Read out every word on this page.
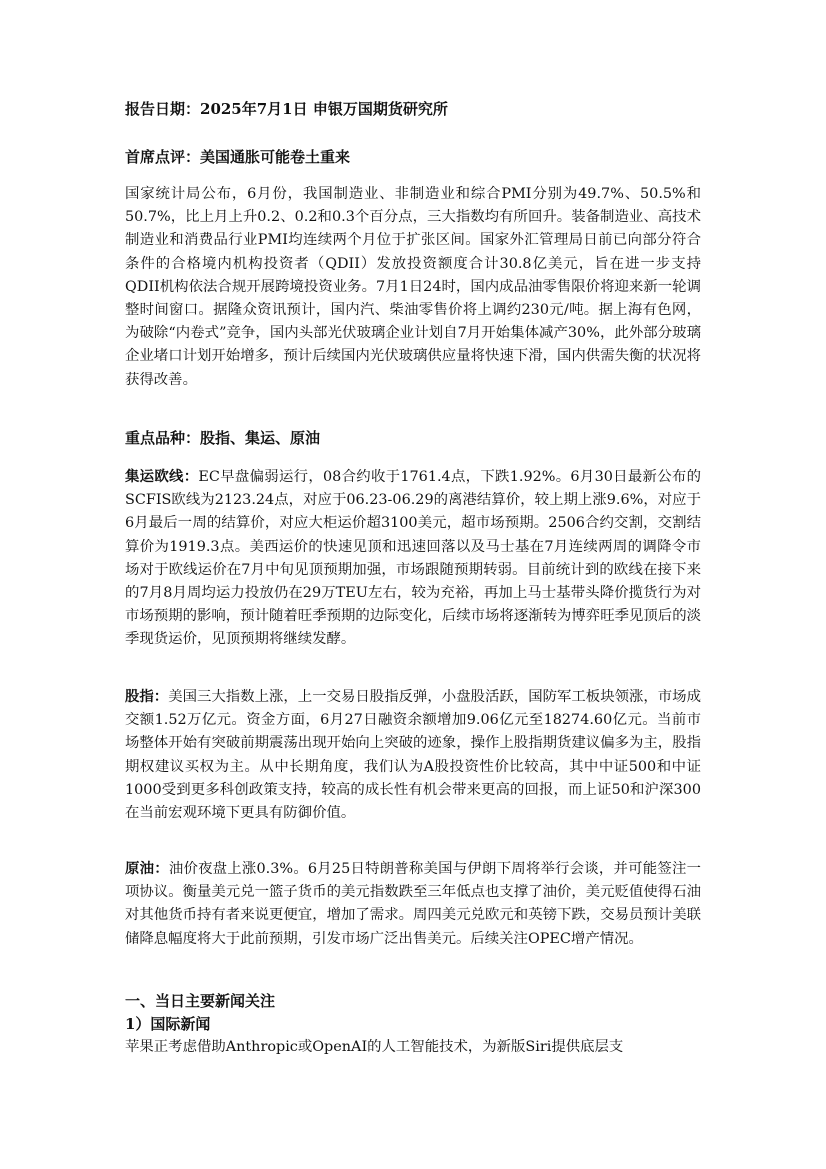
报告日期：2025年7月1日 申银万国期货研究所
首席点评：美国通胀可能卷土重来

国家统计局公布，6月份，我国制造业、非制造业和综合PMI分别为49.7%、50.5%和50.7%，比上月上升0.2、0.2和0.3个百分点，三大指数均有所回升。装备制造业、高技术制造业和消费品行业PMI均连续两个月位于扩张区间。国家外汇管理局日前已向部分符合条件的合格境内机构投资者（QDII）发放投资额度合计30.8亿美元，旨在进一步支持QDII机构依法合规开展跨境投资业务。7月1日24时，国内成品油零售限价将迎来新一轮调整时间窗口。据隆众资讯预计，国内汽、柴油零售价将上调约230元/吨。据上海有色网，为破除“内卷式”竞争，国内头部光伏玻璃企业计划自7月开始集体减产30%，此外部分玻璃企业堵口计划开始增多，预计后续国内光伏玻璃供应量将快速下滑，国内供需失衡的状况将获得改善。

重点品种：股指、集运、原油

集运欧线：EC早盘偏弱运行，08合约收于1761.4点，下跌1.92%。6月30日最新公布的SCFIS欧线为2123.24点，对应于06.23-06.29的离港结算价，较上期上涨9.6%，对应于6月最后一周的结算价，对应大柜运价超3100美元，超市场预期。2506合约交割，交割结算价为1919.3点。美西运价的快速见顶和迅速回落以及马士基在7月连续两周的调降令市场对于欧线运价在7月中旬见顶预期加强，市场跟随预期转弱。目前统计到的欧线在接下来的7月8月周均运力投放仍在29万TEU左右，较为充裕，再加上马士基带头降价揽货行为对市场预期的影响，预计随着旺季预期的边际变化，后续市场将逐渐转为博弈旺季见顶后的淡季现货运价，见顶预期将继续发酵。

股指：美国三大指数上涨，上一交易日股指反弹，小盘股活跃，国防军工板块领涨，市场成交额1.52万亿元。资金方面，6月27日融资余额增加9.06亿元至18274.60亿元。当前市场整体开始有突破前期震荡出现开始向上突破的迹象，操作上股指期货建议偏多为主，股指期权建议买权为主。从中长期角度，我们认为A股投资性价比较高，其中中证500和中证1000受到更多科创政策支持，较高的成长性有机会带来更高的回报，而上证50和沪深300在当前宏观环境下更具有防御价值。

原油：油价夜盘上涨0.3%。6月25日特朗普称美国与伊朗下周将举行会谈，并可能签注一项协议。衡量美元兑一篮子货币的美元指数跌至三年低点也支撑了油价，美元贬值使得石油对其他货币持有者来说更便宜，增加了需求。周四美元兑欧元和英镑下跌，交易员预计美联储降息幅度将大于此前预期，引发市场广泛出售美元。后续关注OPEC增产情况。

一、当日主要新闻关注
1）国际新闻

苹果正考虑借助Anthropic或OpenAI的人工智能技术，为新版Siri提供底层支
